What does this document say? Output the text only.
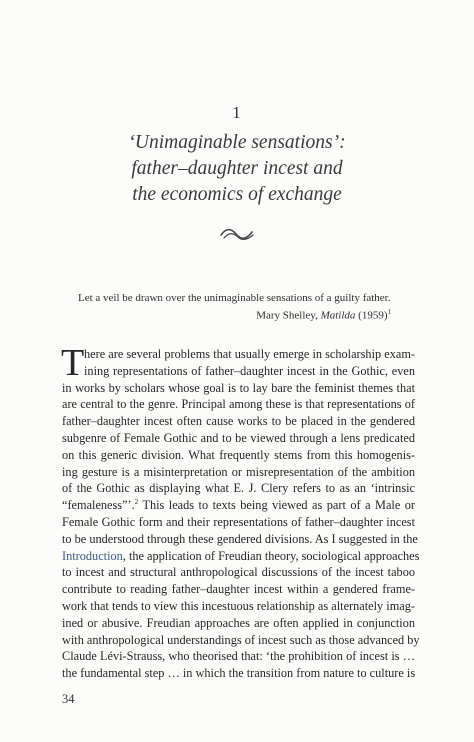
1
‘Unimaginable sensations’:
father–daughter incest and
the economics of exchange
Let a veil be drawn over the unimaginable sensations of a guilty father.
Mary Shelley, Matilda $(1959)^1$
T here are several problems that usually emerge in scholarship exam-
ining representations of father–daughter incest in the Gothic, even
in works by scholars whose goal is to lay bare the feminist themes that
are central to the genre. Principal among these is that representations of
father–daughter incest often cause works to be placed in the gendered
subgenre of Female Gothic and to be viewed through a lens predicated
on this generic division. What frequently stems from this homogenis-
ing gesture is a misinterpretation or misrepresentation of the ambition
of the Gothic as displaying what E. J. Clery refers to as an ‘intrinsic
“femaleness”’.$^2$ This leads to texts being viewed as part of a Male or
Female Gothic form and their representations of father–daughter incest
to be understood through these gendered divisions. As I suggested in the
Introduction, the application of Freudian theory, sociological approaches
to incest and structural anthropological discussions of the incest taboo
contribute to reading father–daughter incest within a gendered frame-
work that tends to view this incestuous relationship as alternately imag-
ined or abusive. Freudian approaches are often applied in conjunction
with anthropological understandings of incest such as those advanced by
Claude Lévi-Strauss, who theorised that: ‘the prohibition of incest is …
the fundamental step … in which the transition from nature to culture is
34
